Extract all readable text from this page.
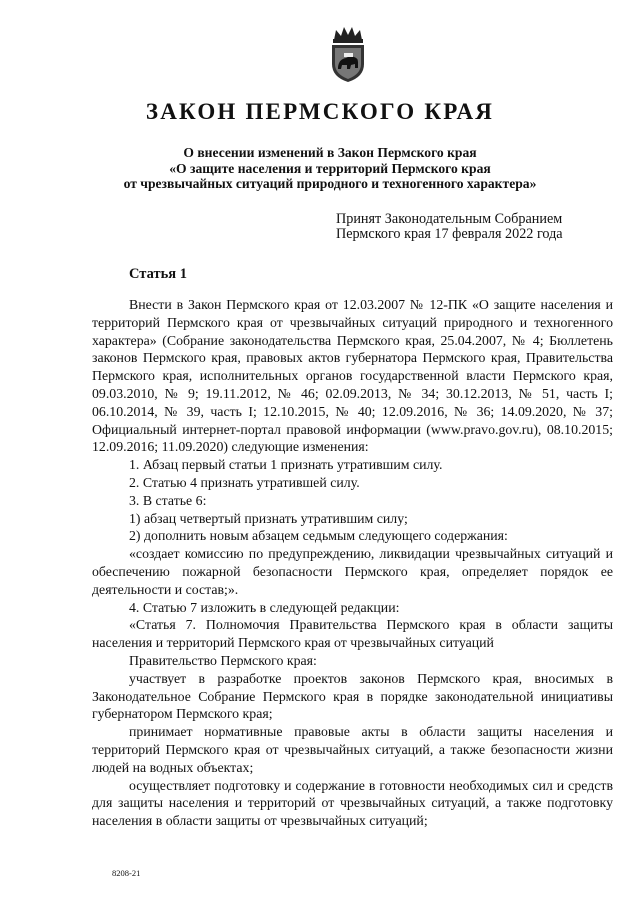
ЗАКОН ПЕРМСКОГО КРАЯ
О внесении изменений в Закон Пермского края
«О защите населения и территорий Пермского края
от чрезвычайных ситуаций природного и техногенного характера»
Принят Законодательным Собранием
Пермского края 17 февраля 2022 года
Статья 1

Внести в Закон Пермского края от 12.03.2007 № 12-ПК «О защите населения и территорий Пермского края от чрезвычайных ситуаций природного и техногенного характера» (Собрание законодательства Пермского края, 25.04.2007, № 4; Бюллетень законов Пермского края, правовых актов губернатора Пермского края, Правительства Пермского края, исполнительных органов государственной власти Пермского края, 09.03.2010, № 9; 19.11.2012, № 46; 02.09.2013, № 34; 30.12.2013, № 51, часть I; 06.10.2014, № 39, часть I; 12.10.2015, № 40; 12.09.2016, № 36; 14.09.2020, № 37; Официальный интернет-портал правовой информации (www.pravo.gov.ru), 08.10.2015; 12.09.2016; 11.09.2020) следующие изменения:

1. Абзац первый статьи 1 признать утратившим силу.

2. Статью 4 признать утратившей силу.

3. В статье 6:

1) абзац четвертый признать утратившим силу;

2) дополнить новым абзацем седьмым следующего содержания:

«создает комиссию по предупреждению, ликвидации чрезвычайных ситуаций и обеспечению пожарной безопасности Пермского края, определяет порядок ее деятельности и состав;».

4. Статью 7 изложить в следующей редакции:

«Статья 7. Полномочия Правительства Пермского края в области защиты населения и территорий Пермского края от чрезвычайных ситуаций

Правительство Пермского края:

участвует в разработке проектов законов Пермского края, вносимых в Законодательное Собрание Пермского края в порядке законодательной инициативы губернатором Пермского края;

принимает нормативные правовые акты в области защиты населения и территорий Пермского края от чрезвычайных ситуаций, а также безопасности жизни людей на водных объектах;

осуществляет подготовку и содержание в готовности необходимых сил и средств для защиты населения и территорий от чрезвычайных ситуаций, а также подготовку населения в области защиты от чрезвычайных ситуаций;

8208-21
